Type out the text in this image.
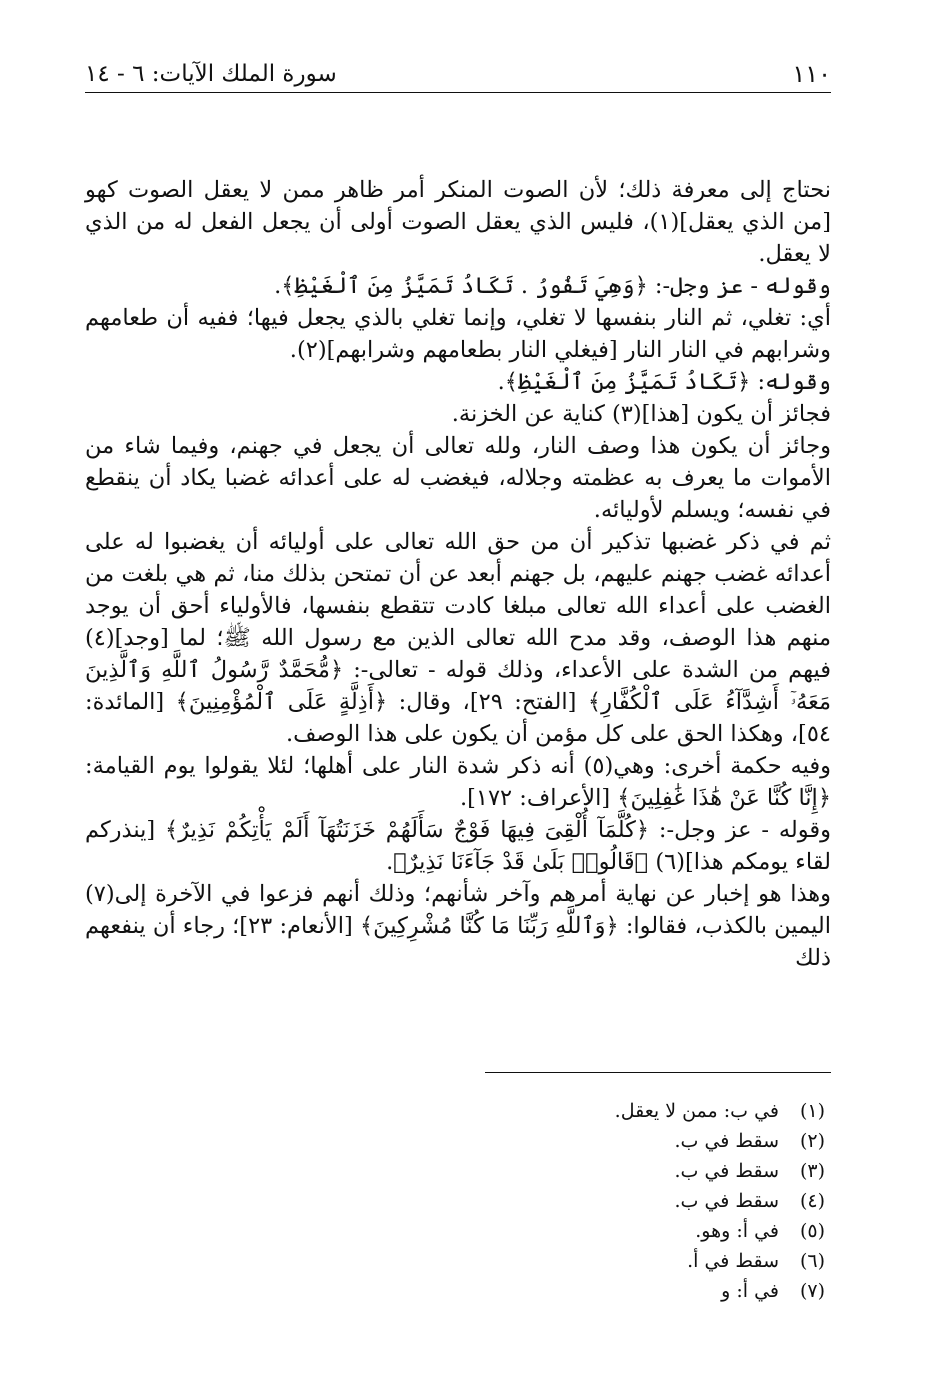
١١٠
سورة الملك الآيات: ٦ - ١٤

نحتاج إلى معرفة ذلك؛ لأن الصوت المنكر أمر ظاهر ممن لا يعقل الصوت كهو [من الذي يعقل](١)، فليس الذي يعقل الصوت أولى أن يجعل الفعل له من الذي لا يعقل.

وقوله - عز وجل-: ﴿وَهِيَ تَفُورُ . تَكَادُ تَمَيَّزُ مِنَ ٱلْغَيْظِ﴾.

أي: تغلي، ثم النار بنفسها لا تغلي، وإنما تغلي بالذي يجعل فيها؛ ففيه أن طعامهم وشرابهم في النار النار [فيغلي النار بطعامهم وشرابهم](٢).

وقوله: ﴿تَكَادُ تَمَيَّزُ مِنَ ٱلْغَيْظِ﴾.

فجائز أن يكون [هذا](٣) كناية عن الخزنة.

وجائز أن يكون هذا وصف النار، ولله تعالى أن يجعل في جهنم، وفيما شاء من الأموات ما يعرف به عظمته وجلاله، فيغضب له على أعدائه غضبا يكاد أن ينقطع في نفسه؛ ويسلم لأوليائه.

ثم في ذكر غضبها تذكير أن من حق الله تعالى على أوليائه أن يغضبوا له على أعدائه غضب جهنم عليهم، بل جهنم أبعد عن أن تمتحن بذلك منا، ثم هي بلغت من الغضب على أعداء الله تعالى مبلغا كادت تتقطع بنفسها، فالأولياء أحق أن يوجد منهم هذا الوصف، وقد مدح الله تعالى الذين مع رسول الله ﷺ؛ لما [وجد](٤) فيهم من الشدة على الأعداء، وذلك قوله - تعالى-: ﴿مُّحَمَّدٌ رَّسُولُ ٱللَّهِ وَٱلَّذِينَ مَعَهُۥٓ أَشِدَّآءُ عَلَى ٱلْكُفَّارِ﴾ [الفتح: ٢٩]، وقال: ﴿أَذِلَّةٍ عَلَى ٱلْمُؤْمِنِينَ﴾ [المائدة: ٥٤]، وهكذا الحق على كل مؤمن أن يكون على هذا الوصف.

وفيه حكمة أخرى: وهي(٥) أنه ذكر شدة النار على أهلها؛ لئلا يقولوا يوم القيامة: ﴿إِنَّا كُنَّا عَنْ هَٰذَا غَٰفِلِينَ﴾ [الأعراف: ١٧٢].

وقوله - عز وجل-: ﴿كُلَّمَآ أُلْقِىَ فِيهَا فَوْجٌ سَأَلَهُمْ خَزَنَتُهَآ أَلَمْ يَأْتِكُمْ نَذِيرٌ﴾ [ينذركم لقاء يومكم هذا](٦) ﴿قَالُوا۟ بَلَىٰ قَدْ جَآءَنَا نَذِيرٌ﴾.

وهذا هو إخبار عن نهاية أمرهم وآخر شأنهم؛ وذلك أنهم فزعوا في الآخرة إلى(٧) اليمين بالكذب، فقالوا: ﴿وَٱللَّهِ رَبِّنَا مَا كُنَّا مُشْرِكِينَ﴾ [الأنعام: ٢٣]؛ رجاء أن ينفعهم ذلك

(١)في ب: ممن لا يعقل.
(٢)سقط في ب.
(٣)سقط في ب.
(٤)سقط في ب.
(٥)في أ: وهو.
(٦)سقط في أ.
(٧)في أ: و
